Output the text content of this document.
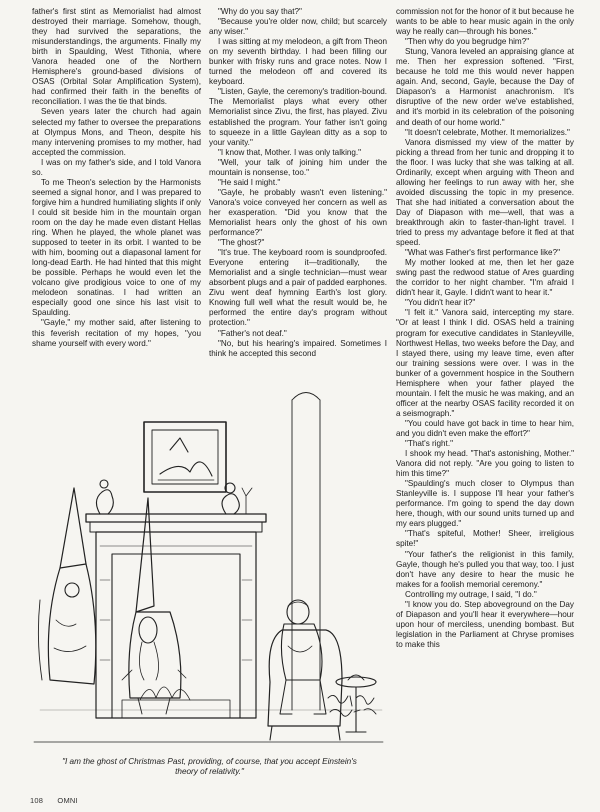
father's first stint as Memorialist had almost destroyed their marriage. Somehow, though, they had survived the separations, the misunderstandings, the arguments. Finally my birth in Spaulding, West Tithonia, where Vanora headed one of the Northern Hemisphere's ground-based divisions of OSAS (Orbital Solar Amplification System), had confirmed their faith in the benefits of reconciliation. I was the tie that binds.

Seven years later the church had again selected my father to oversee the preparations at Olympus Mons, and Theon, despite his many intervening promises to my mother, had accepted the commission.

I was on my father's side, and I told Vanora so.

To me Theon's selection by the Harmonists seemed a signal honor, and I was prepared to forgive him a hundred humiliating slights if only I could sit beside him in the mountain organ room on the day he made even distant Hellas ring. When he played, the whole planet was supposed to teeter in its orbit. I wanted to be with him, booming out a diapasonal lament for long-dead Earth. He had hinted that this might be possible. Perhaps he would even let the volcano give prodigious voice to one of my melodeon sonatinas. I had written an especially good one since his last visit to Spaulding.

"Gayle," my mother said, after listening to this feverish recitation of my hopes, "you shame yourself with every word."

"Why do you say that?"

"Because you're older now, child; but scarcely any wiser."

I was sitting at my melodeon, a gift from Theon on my seventh birthday. I had been filling our bunker with frisky runs and grace notes. Now I turned the melodeon off and covered its keyboard.

"Listen, Gayle, the ceremony's tradition-bound. The Memorialist plays what every other Memorialist since Zivu, the first, has played. Zivu established the program. Your father isn't going to squeeze in a little Gaylean ditty as a sop to your vanity."

"I know that, Mother. I was only talking."

"Well, your talk of joining him under the mountain is nonsense, too."

"He said I might."

"Gayle, he probably wasn't even listening." Vanora's voice conveyed her concern as well as her exasperation. "Did you know that the Memorialist hears only the ghost of his own performance?"

"The ghost?"

"It's true. The keyboard room is soundproofed. Everyone entering it—traditionally, the Memorialist and a single technician—must wear absorbent plugs and a pair of padded earphones. Zivu went deaf hymning Earth's lost glory. Knowing full well what the result would be, he performed the entire day's program without protection."

"Father's not deaf."

"No, but his hearing's impaired. Sometimes I think he accepted this second

commission not for the honor of it but because he wants to be able to hear music again in the only way he really can—through his bones."

"Then why do you begrudge him?"

Stung, Vanora leveled an appraising glance at me. Then her expression softened. "First, because he told me this would never happen again. And, second, Gayle, because the Day of Diapason's a Harmonist anachronism. It's disruptive of the new order we've established, and it's morbid in its celebration of the poisoning and death of our home world."

"It doesn't celebrate, Mother. It memorializes."

Vanora dismissed my view of the matter by picking a thread from her tunic and dropping it to the floor. I was lucky that she was talking at all. Ordinarily, except when arguing with Theon and allowing her feelings to run away with her, she avoided discussing the topic in my presence. That she had initiated a conversation about the Day of Diapason with me—well, that was a breakthrough akin to faster-than-light travel. I tried to press my advantage before it fled at that speed.

"What was Father's first performance like?"

My mother looked at me, then let her gaze swing past the redwood statue of Ares guarding the corridor to her night chamber. "I'm afraid I didn't hear it, Gayle. I didn't want to hear it."

"You didn't hear it?"

"I felt it." Vanora said, intercepting my stare. "Or at least I think I did. OSAS held a training program for executive candidates in Stanleyville, Northwest Hellas, two weeks before the Day, and I stayed there, using my leave time, even after our training sessions were over. I was in the bunker of a government hospice in the Southern Hemisphere when your father played the mountain. I felt the music he was making, and an officer at the nearby OSAS facility recorded it on a seismograph."

"You could have got back in time to hear him, and you didn't even make the effort?"

"That's right."

I shook my head. "That's astonishing, Mother." Vanora did not reply. "Are you going to listen to him this time?"

"Spaulding's much closer to Olympus than Stanleyville is. I suppose I'll hear your father's performance. I'm going to spend the day down here, though, with our sound units turned up and my ears plugged."

"That's spiteful, Mother! Sheer, irreligious spite!"

"Your father's the religionist in this family, Gayle, though he's pulled you that way, too. I just don't have any desire to hear the music he makes for a foolish memorial ceremony."

Controlling my outrage, I said, "I do."

"I know you do. Step aboveground on the Day of Diapason and you'll hear it everywhere—hour upon hour of merciless, unending bombast. But legislation in the Parliament at Chryse promises to make this

"I am the ghost of Christmas Past, providing, of course, that you accept Einstein's theory of relativity."
108 OMNI
